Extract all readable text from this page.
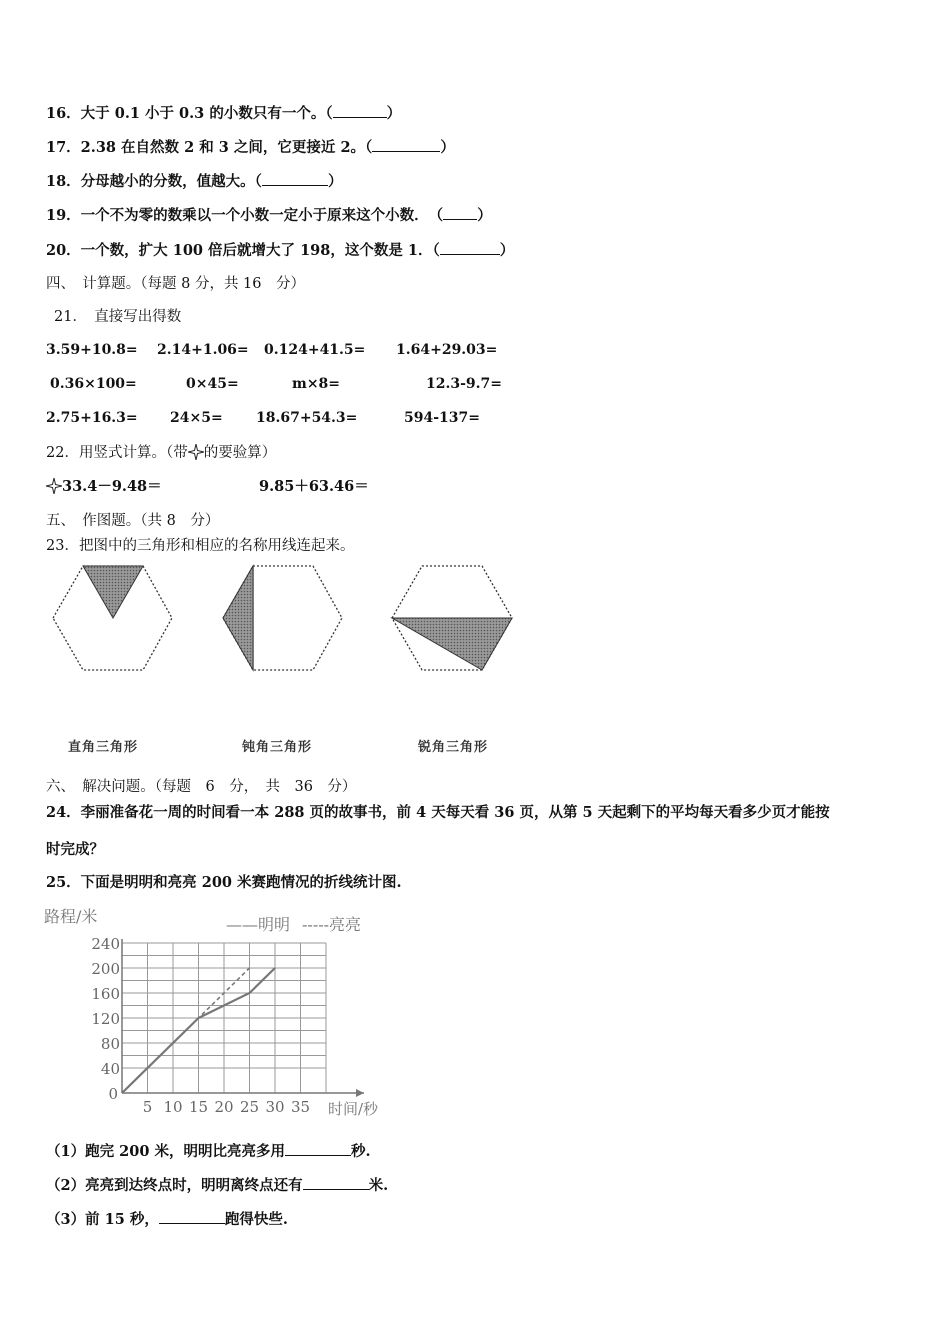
16．大于 0.1 小于 0.3 的小数只有一个。（	）
17．2.38 在自然数 2 和 3 之间，它更接近 2。（	）
18．分母越小的分数，值越大。（	）
19．一个不为零的数乘以一个小数一定小于原来这个小数．　（ ）
20．一个数，扩大 100 倍后就增大了 198，这个数是 1．（	）
四、　计算题。（每题 8 分，共 16　分）
21．　直接写出得数
3.59+10.8= 2.14+1.06= 0.124+41.5= 1.64+29.03=
0.36×100=	0×45=	m×8=	12.3-9.7=
2.75+16.3= 24×5= 18.67+54.3=	594-137=
22．用竖式计算。（带 的要验算）
33.4－9.48＝	9.85＋63.46＝
五、　作图题。（共 8　分）
23．把图中的三角形和相应的名称用线连起来。
直角三角形	钝角三角形	锐角三角形
六、　解决问题。（每题　6　分，　共　36　分）
24．李丽准备花一周的时间看一本 288 页的故事书，前 4 天每天看 36 页，从第 5 天起剩下的平均每天看多少页才能按
时完成？
25．下面是明明和亮亮 200 米赛跑情况的折线统计图.
5 10 15 20 25 30 35
0
40
80
120
160
200
240
路程/米
时间/秒
——明明 -----亮亮
（1）跑完 200 米，明明比亮亮多用	秒.
（2）亮亮到达终点时，明明离终点还有	米.
（3）前 15 秒，	跑得快些.
